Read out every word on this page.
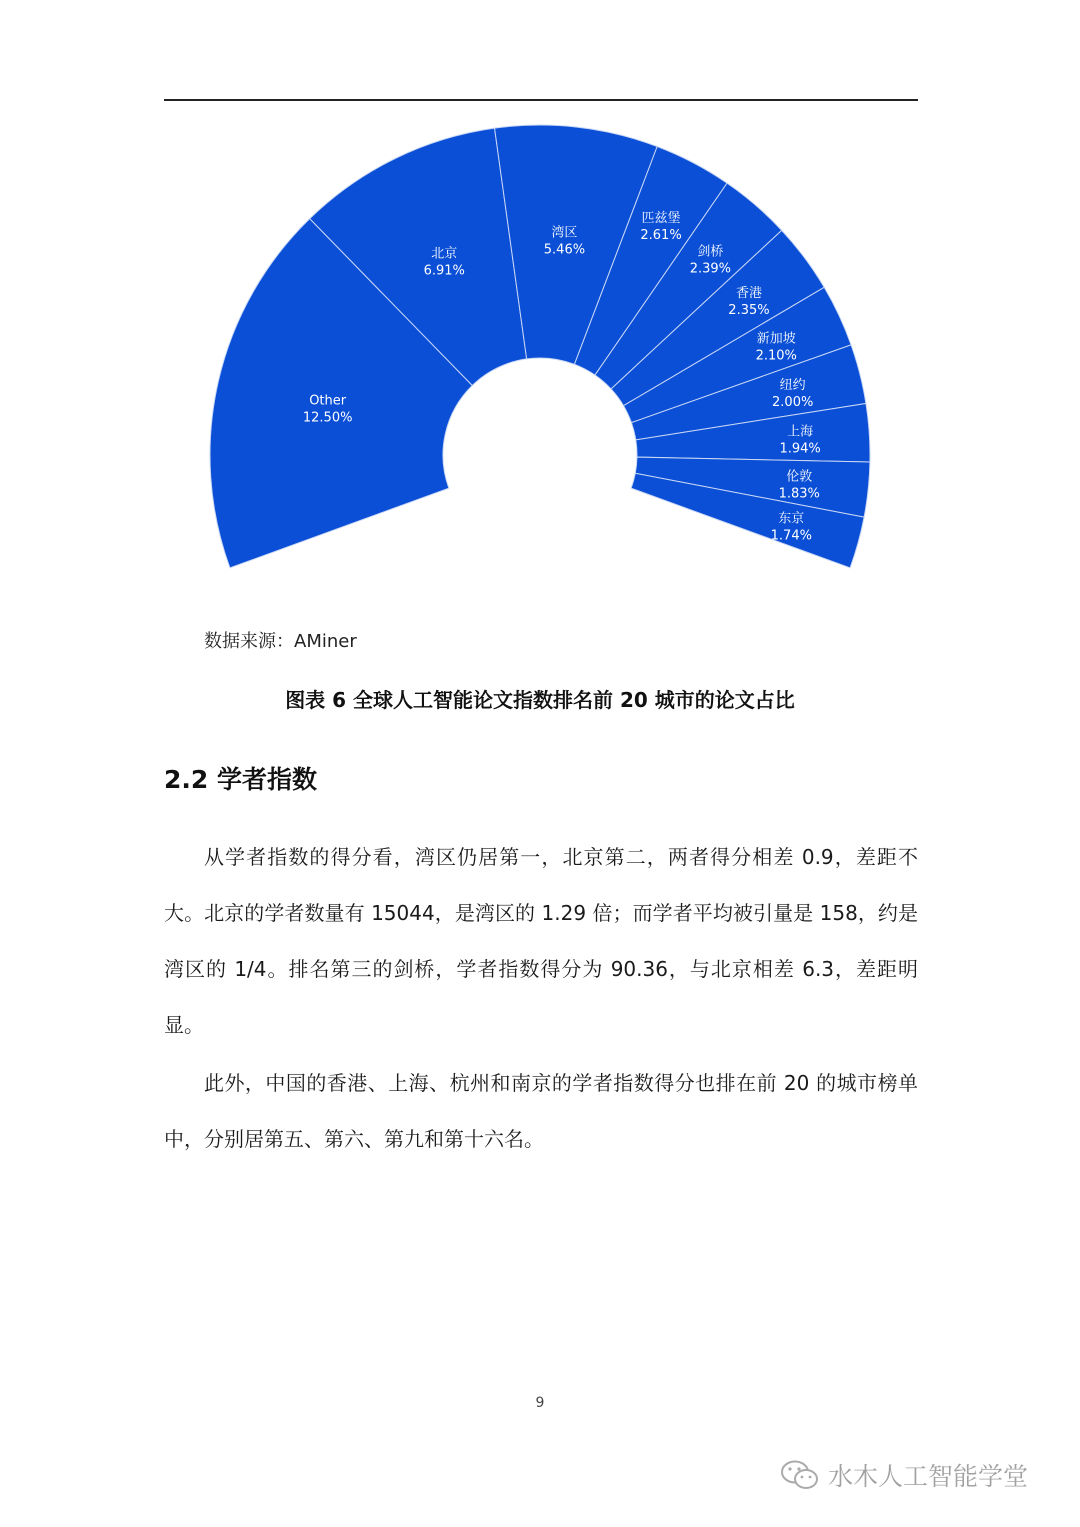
Other
12.50%
北京
6.91%
湾区
5.46%
匹兹堡
2.61%
剑桥
2.39%
香港
2.35%
新加坡
2.10%
纽约
2.00%
上海
1.94%
伦敦
1.83%
东京
1.74%
数据来源：AMiner
图表 6 全球人工智能论文指数排名前 20 城市的论文占比
2.2 学者指数

从学者指数的得分看，湾区仍居第一，北京第二，两者得分相差 0.9，差距不大。北京的学者数量有 15044，是湾区的 1.29 倍；而学者平均被引量是 158，约是湾区的 1/4。排名第三的剑桥，学者指数得分为 90.36，与北京相差 6.3，差距明显。

此外，中国的香港、上海、杭州和南京的学者指数得分也排在前 20 的城市榜单中，分别居第五、第六、第九和第十六名。

9
水木人工智能学堂
